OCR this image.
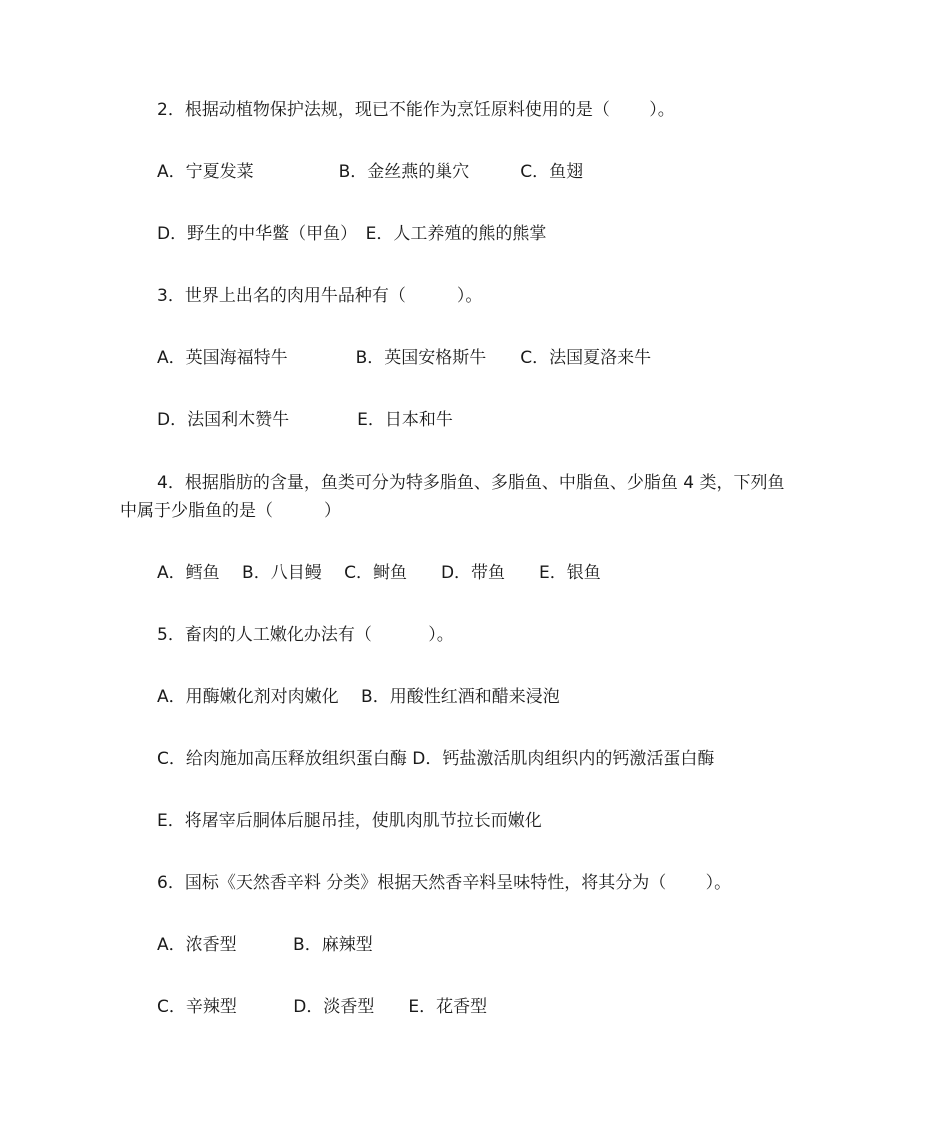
2．根据动植物保护法规，现已不能作为烹饪原料使用的是（　　 ）。
A．宁夏发菜　　　　　B．金丝燕的巢穴　　　C．鱼翅
D．野生的中华鳖（甲鱼）　E．人工养殖的熊的熊掌
3．世界上出名的肉用牛品种有（　　　）。
A．英国海福特牛　　　　B．英国安格斯牛　　C．法国夏洛来牛
D．法国利木赞牛　　　　E．日本和牛
4．根据脂肪的含量，鱼类可分为特多脂鱼、多脂鱼、中脂鱼、少脂鱼 4 类，下列鱼
中属于少脂鱼的是（　　　）
A．鳕鱼　 B．八目鳗　 C．鲥鱼　　D．带鱼　　E．银鱼
5．畜肉的人工嫩化办法有（　　　 ）。
A．用酶嫩化剂对肉嫩化　 B．用酸性红酒和醋来浸泡
C．给肉施加高压释放组织蛋白酶 D．钙盐激活肌肉组织内的钙激活蛋白酶
E．将屠宰后胴体后腿吊挂，使肌肉肌节拉长而嫩化
6．国标《天然香辛料 分类》根据天然香辛料呈味特性，将其分为（　　 ）。
A．浓香型　　　 B．麻辣型
C．辛辣型　　　 D．淡香型　　E．花香型
